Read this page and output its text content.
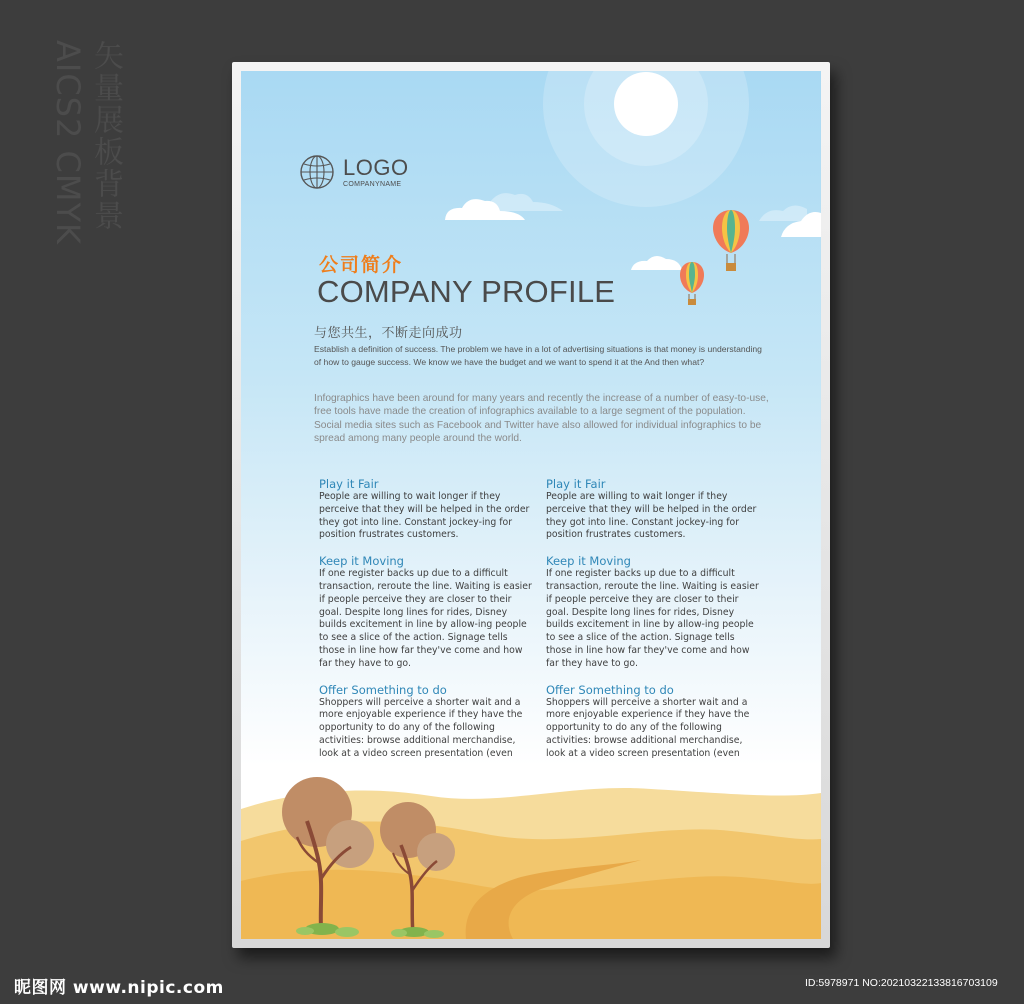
矢量展板背景
AICS2 CMYK	LOGO
COMPANYNAME
公司简介
COMPANY PROFILE
与您共生，不断走向成功
Establish a definition of success. The problem we have in a lot of advertising situations is that money is understanding of how to gauge success. We know we have the budget and we want to spend it at the And then what?
Infographics have been around for many years and recently the increase of a number of easy-to-use, free tools have made the creation of infographics available to a large segment of the population. Social media sites such as Facebook and Twitter have also allowed for individual infographics to be spread among many people around the world.
Play it Fair
People are willing to wait longer if they perceive that they will be helped in the order they got into line. Constant jockey-ing for position frustrates customers.
Keep it Moving
If one register backs up due to a difficult transaction, reroute the line. Waiting is easier if people perceive they are closer to their goal. Despite long lines for rides, Disney builds excitement in line by allow-ing people to see a slice of the action. Signage tells those in line how far they've come and how far they have to go.
Offer Something to do
Shoppers will perceive a shorter wait and a more enjoyable experience if they have the opportunity to do any of the following activities: browse additional merchandise, look at a video screen presentation (even
Play it Fair
People are willing to wait longer if they perceive that they will be helped in the order they got into line. Constant jockey-ing for position frustrates customers.
Keep it Moving
If one register backs up due to a difficult transaction, reroute the line. Waiting is easier if people perceive they are closer to their goal. Despite long lines for rides, Disney builds excitement in line by allow-ing people to see a slice of the action. Signage tells those in line how far they've come and how far they have to go.
Offer Something to do
Shoppers will perceive a shorter wait and a more enjoyable experience if they have the opportunity to do any of the following activities: browse additional merchandise, look at a video screen presentation (even
昵图网 www.nipic.com	ID:5978971 NO:20210322133816703109
